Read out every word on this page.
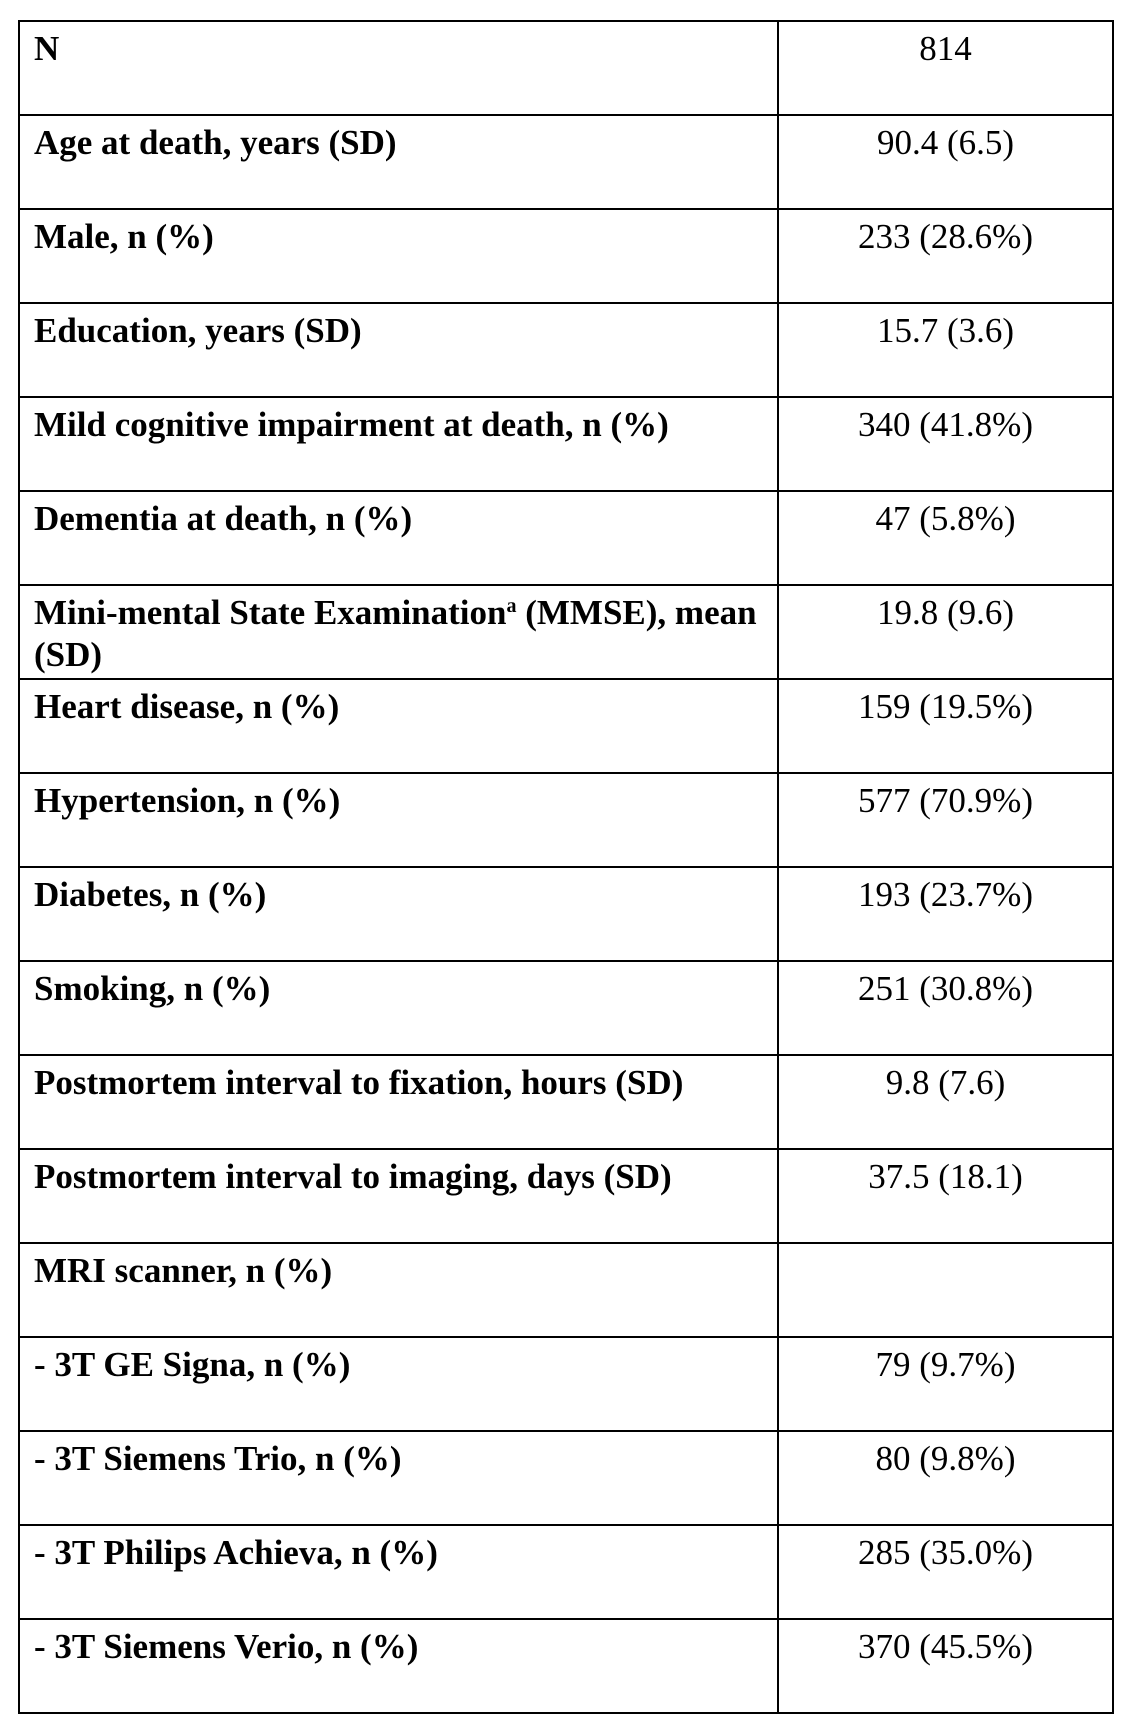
N	814
Age at death, years (SD)	90.4 (6.5)
Male, n (%)	233 (28.6%)
Education, years (SD)	15.7 (3.6)
Mild cognitive impairment at death, n (%)	340 (41.8%)
Dementia at death, n (%)	47 (5.8%)
Mini-mental State Examination$^a$ (MMSE), mean (SD)	19.8 (9.6)
Heart disease, n (%)	159 (19.5%)
Hypertension, n (%)	577 (70.9%)
Diabetes, n (%)	193 (23.7%)
Smoking, n (%)	251 (30.8%)
Postmortem interval to fixation, hours (SD)	9.8 (7.6)
Postmortem interval to imaging, days (SD)	37.5 (18.1)
MRI scanner, n (%)	
- 3T GE Signa, n (%)	79 (9.7%)
- 3T Siemens Trio, n (%)	80 (9.8%)
- 3T Philips Achieva, n (%)	285 (35.0%)
- 3T Siemens Verio, n (%)	370 (45.5%)
